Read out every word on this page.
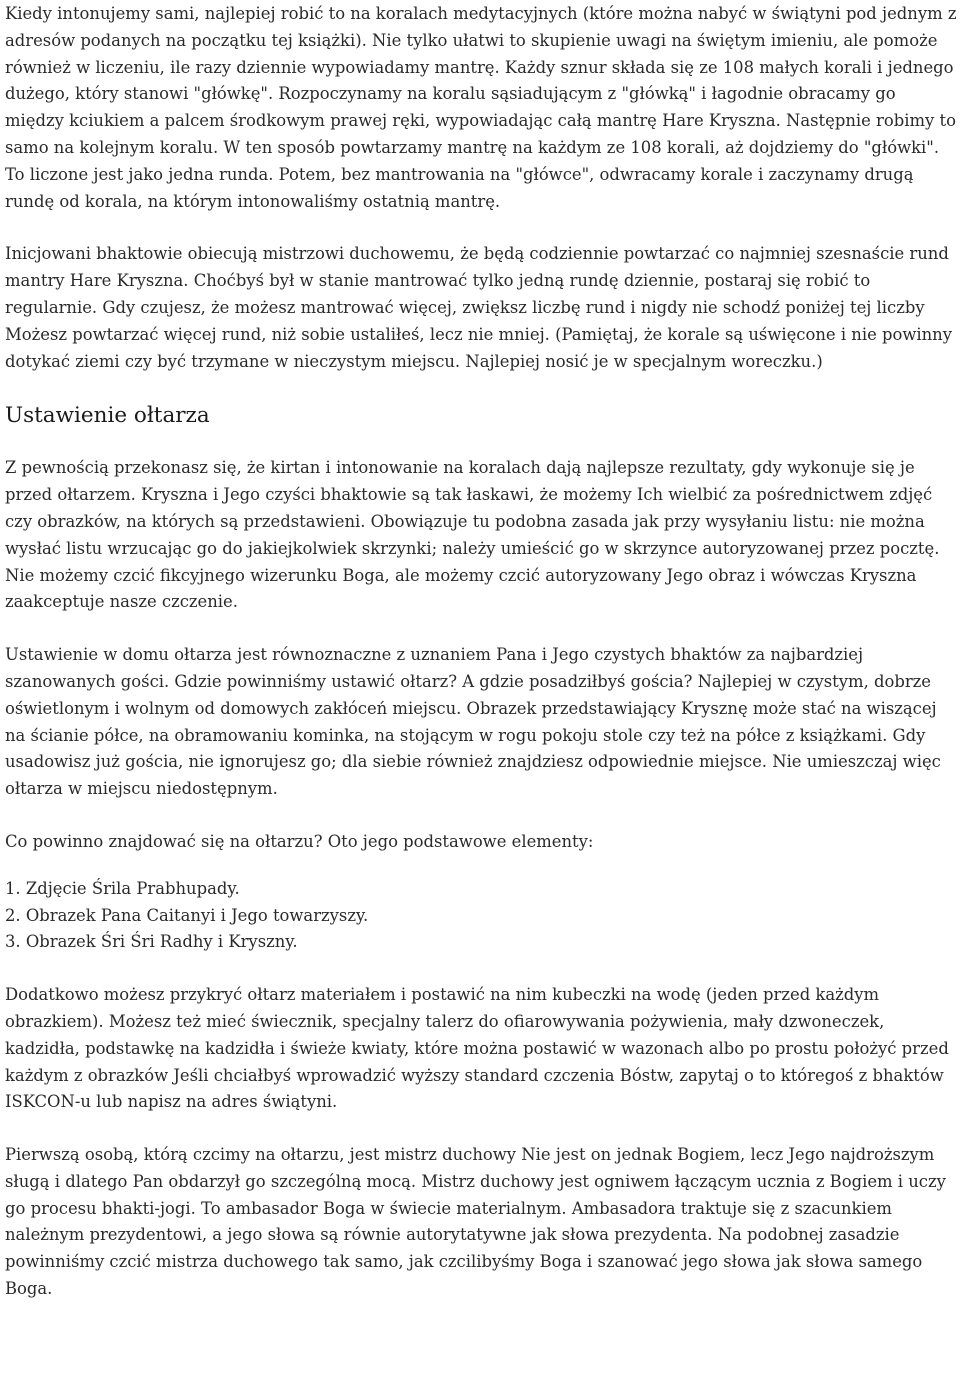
Kiedy intonujemy sami, najlepiej robić to na koralach medytacyjnych (które można nabyć w świątyni pod jednym z adresów podanych na początku tej książki). Nie tylko ułatwi to skupienie uwagi na świętym imieniu, ale pomoże również w liczeniu, ile razy dziennie wypowiadamy mantrę. Każdy sznur składa się ze 108 małych korali i jednego dużego, który stanowi "główkę". Rozpoczynamy na koralu sąsiadującym z "główką" i łagodnie obracamy go między kciukiem a palcem środkowym prawej ręki, wypowiadając całą mantrę Hare Kryszna. Następnie robimy to samo na kolejnym koralu. W ten sposób powtarzamy mantrę na każdym ze 108 korali, aż dojdziemy do "główki". To liczone jest jako jedna runda. Potem, bez mantrowania na "główce", odwracamy korale i zaczynamy drugą rundę od korala, na którym intonowaliśmy ostatnią mantrę.

Inicjowani bhaktowie obiecują mistrzowi duchowemu, że będą codziennie powtarzać co najmniej szesnaście rund mantry Hare Kryszna. Choćbyś był w stanie mantrować tylko jedną rundę dziennie, postaraj się robić to regularnie. Gdy czujesz, że możesz mantrować więcej, zwiększ liczbę rund i nigdy nie schodź poniżej tej liczby Możesz powtarzać więcej rund, niż sobie ustaliłeś, lecz nie mniej. (Pamiętaj, że korale są uświęcone i nie powinny dotykać ziemi czy być trzymane w nieczystym miejscu. Najlepiej nosić je w specjalnym woreczku.)

Ustawienie ołtarza

Z pewnością przekonasz się, że kirtan i intonowanie na koralach dają najlepsze rezultaty, gdy wykonuje się je przed ołtarzem. Kryszna i Jego czyści bhaktowie są tak łaskawi, że możemy Ich wielbić za pośrednictwem zdjęć czy obrazków, na których są przedstawieni. Obowiązuje tu podobna zasada jak przy wysyłaniu listu: nie można wysłać listu wrzucając go do jakiejkolwiek skrzynki; należy umieścić go w skrzynce autoryzowanej przez pocztę. Nie możemy czcić fikcyjnego wizerunku Boga, ale możemy czcić autoryzowany Jego obraz i wówczas Kryszna zaakceptuje nasze czczenie.

Ustawienie w domu ołtarza jest równoznaczne z uznaniem Pana i Jego czystych bhaktów za najbardziej szanowanych gości. Gdzie powinniśmy ustawić ołtarz? A gdzie posadziłbyś gościa? Najlepiej w czystym, dobrze oświetlonym i wolnym od domowych zakłóceń miejscu. Obrazek przedstawiający Krysznę może stać na wiszącej na ścianie półce, na obramowaniu kominka, na stojącym w rogu pokoju stole czy też na półce z książkami. Gdy usadowisz już gościa, nie ignorujesz go; dla siebie również znajdziesz odpowiednie miejsce. Nie umieszczaj więc ołtarza w miejscu niedostępnym.

Co powinno znajdować się na ołtarzu? Oto jego podstawowe elementy:

1. Zdjęcie Śrila Prabhupady.
2. Obrazek Pana Caitanyi i Jego towarzyszy.
3. Obrazek Śri Śri Radhy i Kryszny.

Dodatkowo możesz przykryć ołtarz materiałem i postawić na nim kubeczki na wodę (jeden przed każdym obrazkiem). Możesz też mieć świecznik, specjalny talerz do ofiarowywania pożywienia, mały dzwoneczek, kadzidła, podstawkę na kadzidła i świeże kwiaty, które można postawić w wazonach albo po prostu położyć przed każdym z obrazków Jeśli chciałbyś wprowadzić wyższy standard czczenia Bóstw, zapytaj o to któregoś z bhaktów ISKCON-u lub napisz na adres świątyni.

Pierwszą osobą, którą czcimy na ołtarzu, jest mistrz duchowy Nie jest on jednak Bogiem, lecz Jego najdroższym sługą i dlatego Pan obdarzył go szczególną mocą. Mistrz duchowy jest ogniwem łączącym ucznia z Bogiem i uczy go procesu bhakti-jogi. To ambasador Boga w świecie materialnym. Ambasadora traktuje się z szacunkiem należnym prezydentowi, a jego słowa są równie autorytatywne jak słowa prezydenta. Na podobnej zasadzie powinniśmy czcić mistrza duchowego tak samo, jak czcilibyśmy Boga i szanować jego słowa jak słowa samego Boga.
